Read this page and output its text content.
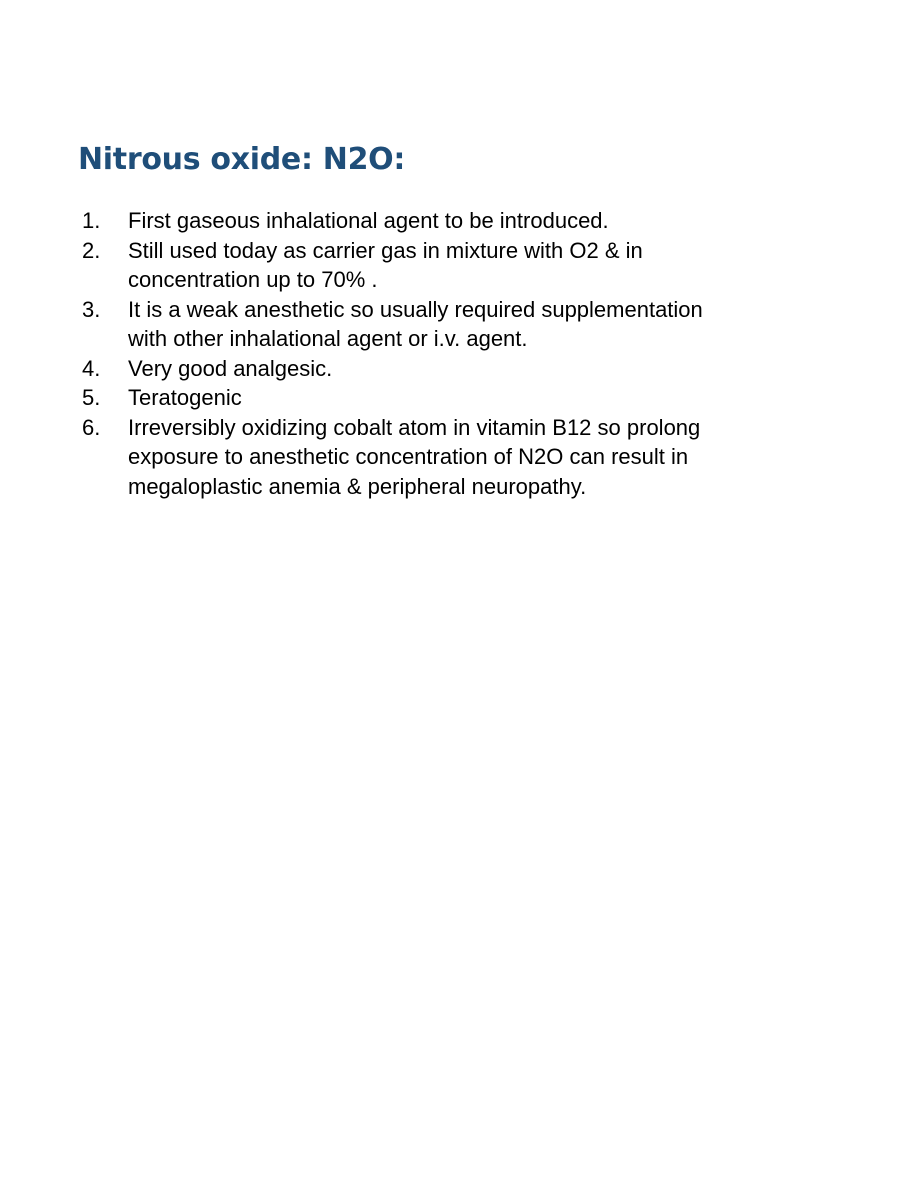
Nitrous oxide: N2O:
1.	First gaseous inhalational agent to be introduced.
2.	Still used today as carrier gas in mixture with O2 & in concentration up to 70% .
3.	It is a weak anesthetic so usually required supplementation with other inhalational agent or i.v. agent.
4.	Very good analgesic.
5.	Teratogenic
6.	Irreversibly oxidizing cobalt atom in vitamin B12 so prolong exposure to anesthetic concentration of N2O can result in megaloplastic anemia & peripheral neuropathy.
